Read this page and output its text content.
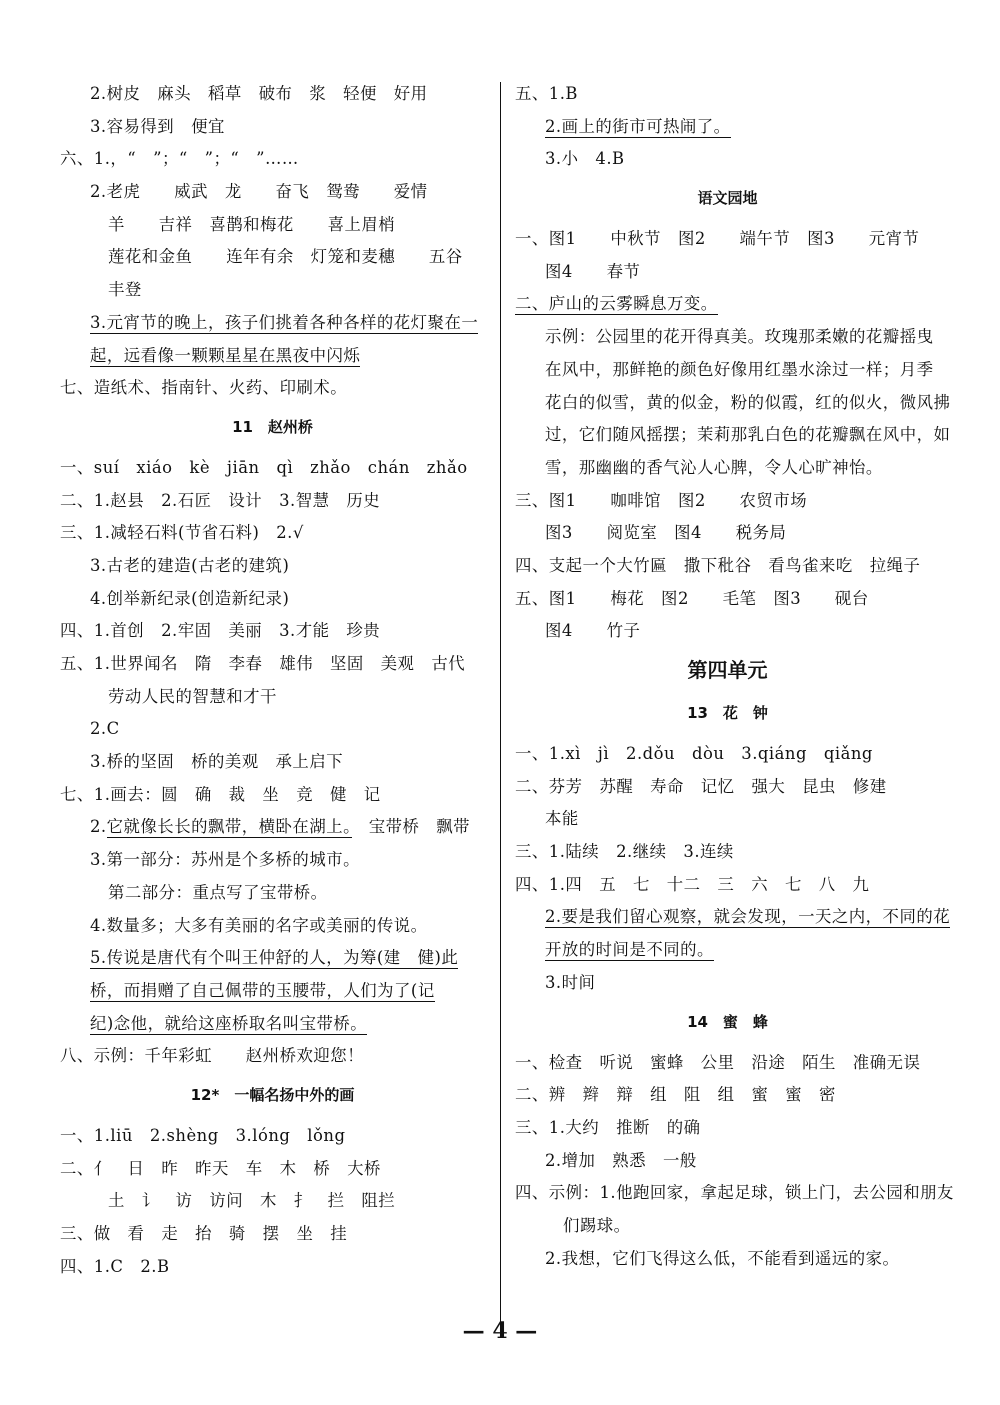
2.树皮　麻头　稻草　破布　浆　轻便　好用
3.容易得到　便宜
六、1.，“　”；“　”；“　”……
2.老虎　　威武　龙　　奋飞　鸳鸯　　爱情
羊　　吉祥　喜鹊和梅花　　喜上眉梢
莲花和金鱼　　连年有余　灯笼和麦穗　　五谷
丰登
3.元宵节的晚上，孩子们挑着各种各样的花灯聚在一
起，远看像一颗颗星星在黑夜中闪烁
七、造纸术、指南针、火药、印刷术。
11　赵州桥
一、suí　xiáo　kè　jiān　qì　zhǎo　chán　zhǎo
二、1.赵县　2.石匠　设计　3.智慧　历史
三、1.减轻石料(节省石料)　2.√
3.古老的建造(古老的建筑)
4.创举新纪录(创造新纪录)
四、1.首创　2.牢固　美丽　3.才能　珍贵
五、1.世界闻名　隋　李春　雄伟　坚固　美观　古代
劳动人民的智慧和才干
2.C
3.桥的坚固　桥的美观　承上启下
七、1.画去：圆　确　裁　坐　竞　健　记
2.它就像长长的飘带，横卧在湖上。　宝带桥　飘带
3.第一部分：苏州是个多桥的城市。
第二部分：重点写了宝带桥。
4.数量多；大多有美丽的名字或美丽的传说。
5.传说是唐代有个叫王仲舒的人，为筹(建　健)此
桥，而捐赠了自己佩带的玉腰带，人们为了(记
纪)念他，就给这座桥取名叫宝带桥。
八、示例：千年彩虹　　赵州桥欢迎您！
12*　一幅名扬中外的画
一、1.liū　2.shèng　3.lóng　lǒng
二、亻　日　昨　昨天　车　木　桥　大桥
土　讠　访　访问　木　扌　拦　阻拦
三、做　看　走　抬　骑　摆　坐　挂
四、1.C　2.B
五、1.B
2.画上的街市可热闹了。
3.小　4.B
语文园地
一、图1　　中秋节　图2　　端午节　图3　　元宵节
图4　　春节
二、庐山的云雾瞬息万变。
示例：公园里的花开得真美。玫瑰那柔嫩的花瓣摇曳
在风中，那鲜艳的颜色好像用红墨水涂过一样；月季
花白的似雪，黄的似金，粉的似霞，红的似火，微风拂
过，它们随风摇摆；茉莉那乳白色的花瓣飘在风中，如
雪，那幽幽的香气沁人心脾，令人心旷神怡。
三、图1　　咖啡馆　图2　　农贸市场
图3　　阅览室　图4　　税务局
四、支起一个大竹匾　撒下秕谷　看鸟雀来吃　拉绳子
五、图1　　梅花　图2　　毛笔　图3　　砚台
图4　　竹子
第四单元
13　花　钟
一、1.xì　jì　2.dǒu　dòu　3.qiáng　qiǎng
二、芬芳　苏醒　寿命　记忆　强大　昆虫　修建
本能
三、1.陆续　2.继续　3.连续
四、1.四　五　七　十二　三　六　七　八　九
2.要是我们留心观察，就会发现，一天之内，不同的花
开放的时间是不同的。
3.时间
14　蜜　蜂
一、检查　听说　蜜蜂　公里　沿途　陌生　准确无误
二、辨　辫　辩　组　阻　组　蜜　蜜　密
三、1.大约　推断　的确
2.增加　熟悉　一般
四、示例：1.他跑回家，拿起足球，锁上门，去公园和朋友
们踢球。
2.我想，它们飞得这么低，不能看到遥远的家。
— 4 —
